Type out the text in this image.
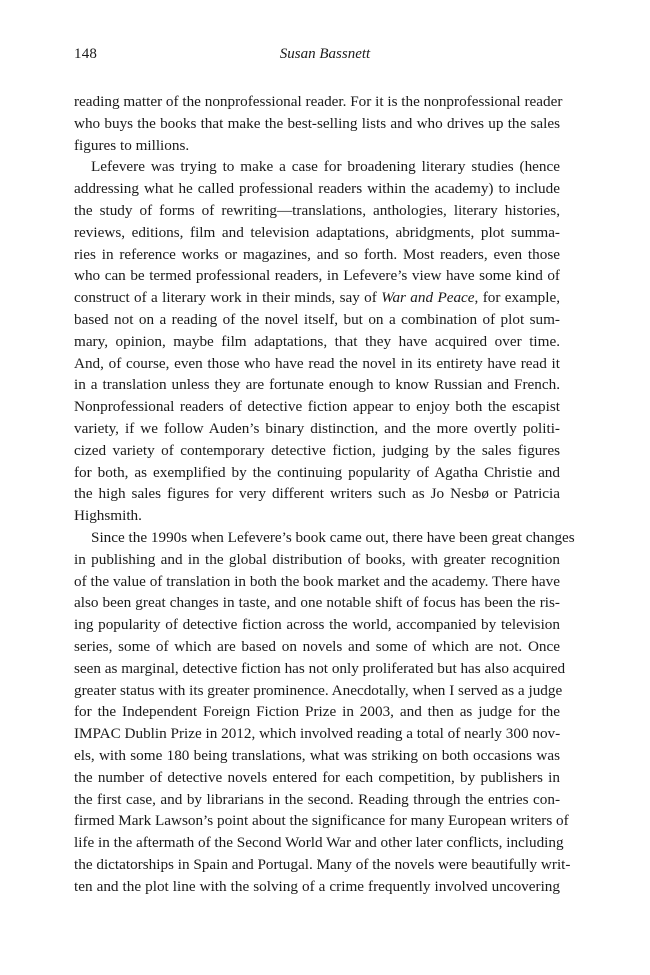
148	Susan Bassnett
reading matter of the nonprofessional reader. For it is the nonprofessional reader
who buys the books that make the best-selling lists and who drives up the sales
figures to millions.
Lefevere was trying to make a case for broadening literary studies (hence
addressing what he called professional readers within the academy) to include
the study of forms of rewriting—translations, anthologies, literary histories,
reviews, editions, film and television adaptations, abridgments, plot summa-
ries in reference works or magazines, and so forth. Most readers, even those
who can be termed professional readers, in Lefevere’s view have some kind of
construct of a literary work in their minds, say of War and Peace, for example,
based not on a reading of the novel itself, but on a combination of plot sum-
mary, opinion, maybe film adaptations, that they have acquired over time.
And, of course, even those who have read the novel in its entirety have read it
in a translation unless they are fortunate enough to know Russian and French.
Nonprofessional readers of detective fiction appear to enjoy both the escapist
variety, if we follow Auden’s binary distinction, and the more overtly politi-
cized variety of contemporary detective fiction, judging by the sales figures
for both, as exemplified by the continuing popularity of Agatha Christie and
the high sales figures for very different writers such as Jo Nesbø or Patricia
Highsmith.
Since the 1990s when Lefevere’s book came out, there have been great changes
in publishing and in the global distribution of books, with greater recognition
of the value of translation in both the book market and the academy. There have
also been great changes in taste, and one notable shift of focus has been the ris-
ing popularity of detective fiction across the world, accompanied by television
series, some of which are based on novels and some of which are not. Once
seen as marginal, detective fiction has not only proliferated but has also acquired
greater status with its greater prominence. Anecdotally, when I served as a judge
for the Independent Foreign Fiction Prize in 2003, and then as judge for the
IMPAC Dublin Prize in 2012, which involved reading a total of nearly 300 nov-
els, with some 180 being translations, what was striking on both occasions was
the number of detective novels entered for each competition, by publishers in
the first case, and by librarians in the second. Reading through the entries con-
firmed Mark Lawson’s point about the significance for many European writers of
life in the aftermath of the Second World War and other later conflicts, including
the dictatorships in Spain and Portugal. Many of the novels were beautifully writ-
ten and the plot line with the solving of a crime frequently involved uncovering
